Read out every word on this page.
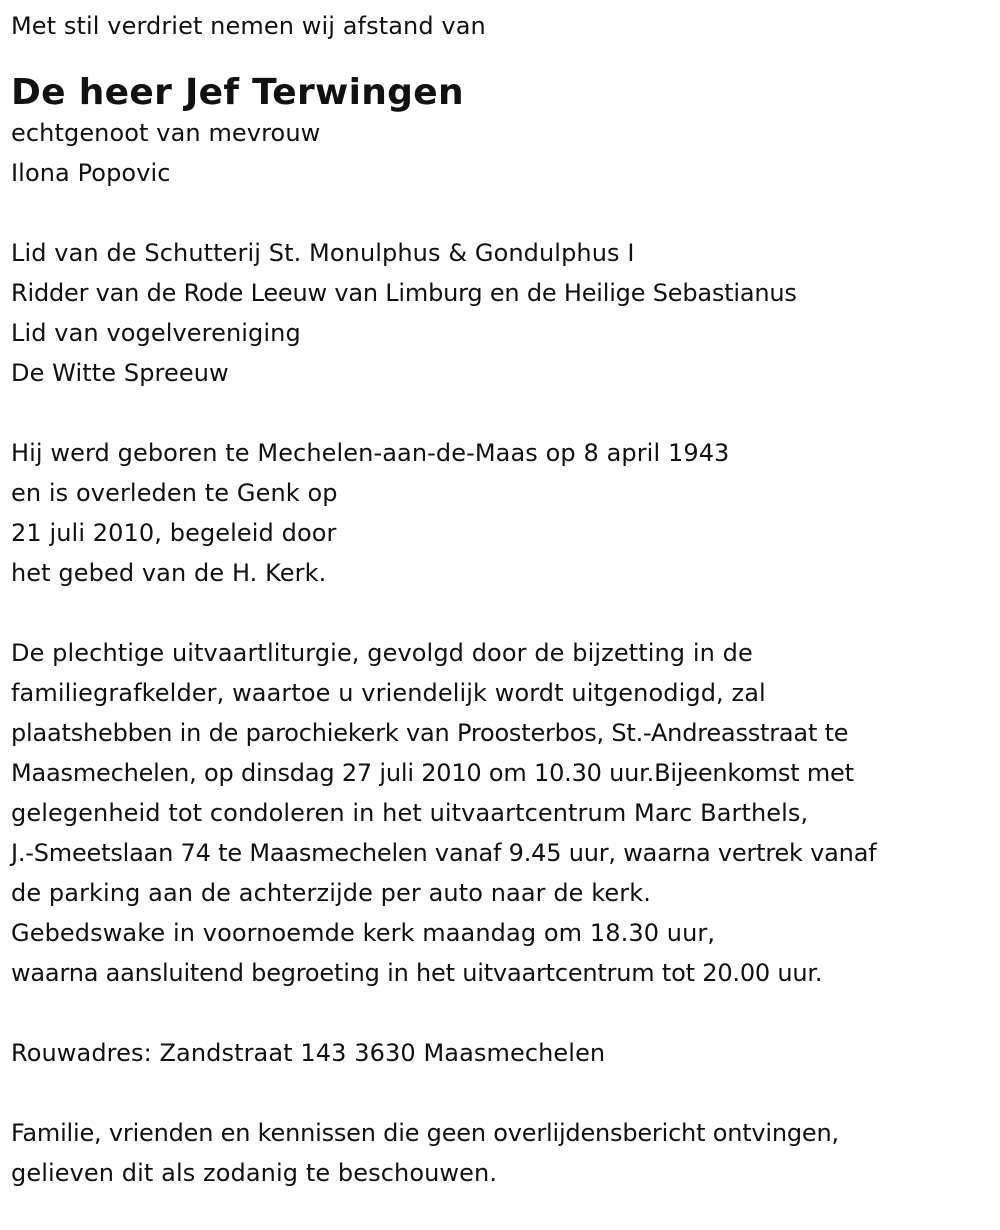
Met stil verdriet nemen wij afstand van
De heer Jef Terwingen
echtgenoot van mevrouw
Ilona Popovic
Lid van de Schutterij St. Monulphus & Gondulphus I
Ridder van de Rode Leeuw van Limburg en de Heilige Sebastianus
Lid van vogelvereniging
De Witte Spreeuw
Hij werd geboren te Mechelen-aan-de-Maas op 8 april 1943
en is overleden te Genk op
21 juli 2010, begeleid door
het gebed van de H. Kerk.
De plechtige uitvaartliturgie, gevolgd door de bijzetting in de
familiegrafkelder, waartoe u vriendelijk wordt uitgenodigd, zal
plaatshebben in de parochiekerk van Proosterbos, St.-Andreasstraat te
Maasmechelen, op dinsdag 27 juli 2010 om 10.30 uur.Bijeenkomst met
gelegenheid tot condoleren in het uitvaartcentrum Marc Barthels,
J.-Smeetslaan 74 te Maasmechelen vanaf 9.45 uur, waarna vertrek vanaf
de parking aan de achterzijde per auto naar de kerk.
Gebedswake in voornoemde kerk maandag om 18.30 uur,
waarna aansluitend begroeting in het uitvaartcentrum tot 20.00 uur.
Rouwadres: Zandstraat 143 3630 Maasmechelen
Familie, vrienden en kennissen die geen overlijdensbericht ontvingen,
gelieven dit als zodanig te beschouwen.
